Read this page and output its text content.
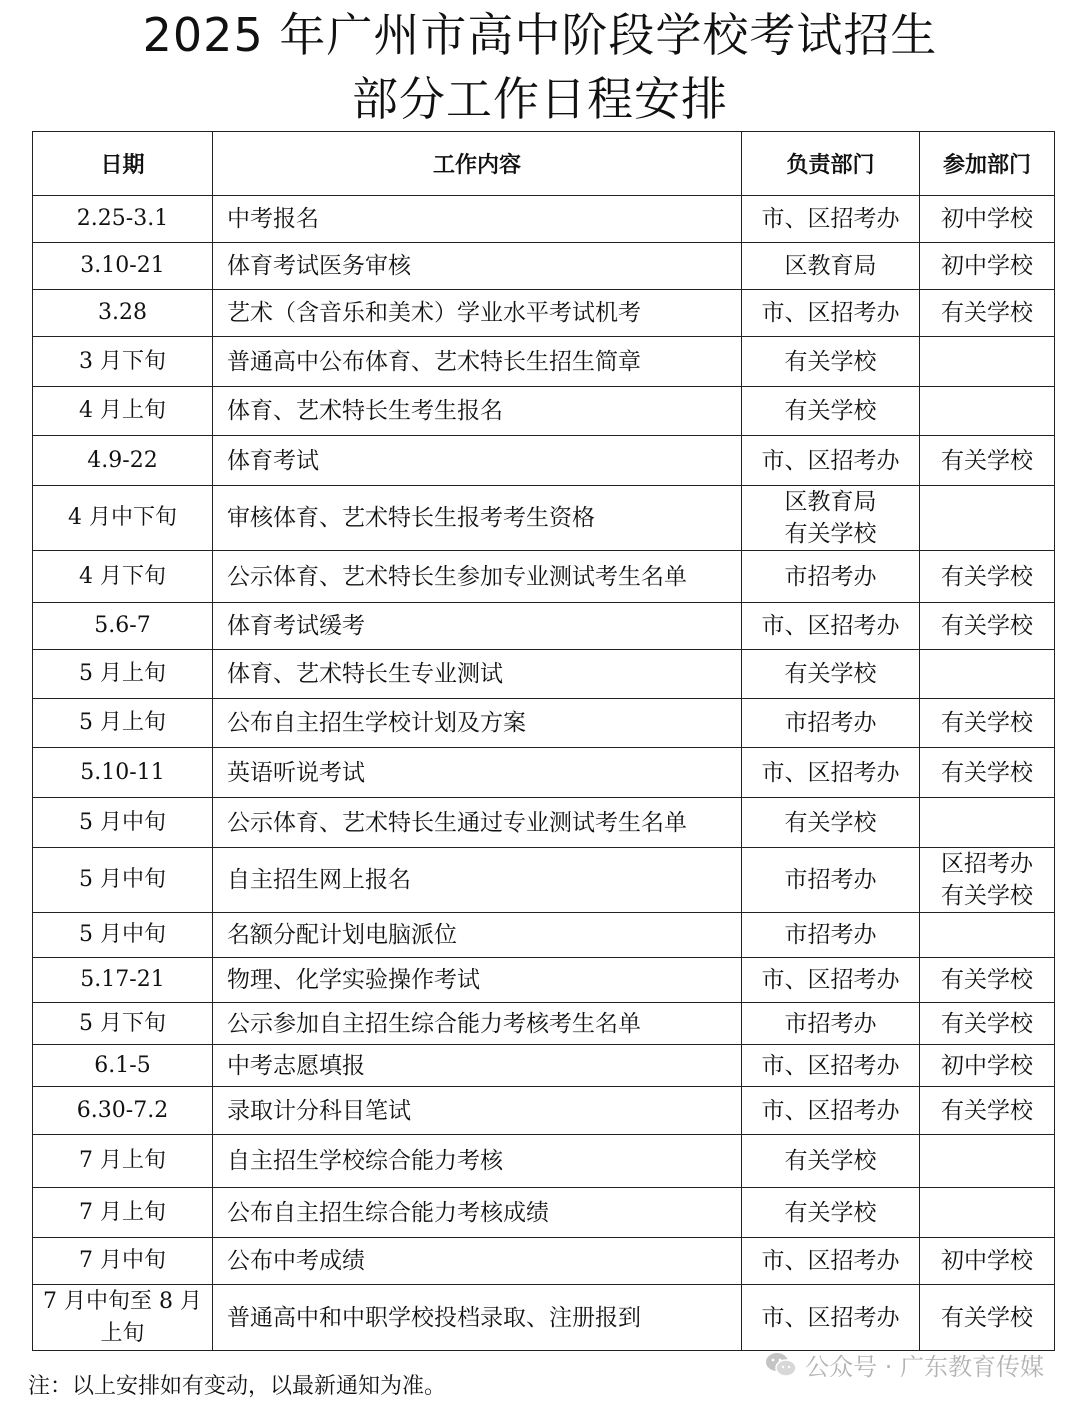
2025 年广州市高中阶段学校考试招生
部分工作日程安排
日期	工作内容	负责部门	参加部门
2.25-3.1	中考报名	市、区招考办	初中学校

3.10-21	体育考试医务审核	区教育局	初中学校

3.28	艺术（含音乐和美术）学业水平考试机考	市、区招考办	有关学校

3 月下旬	普通高中公布体育、艺术特长生招生简章	有关学校	

4 月上旬	体育、艺术特长生考生报名	有关学校	

4.9-22	体育考试	市、区招考办	有关学校

4 月中下旬	审核体育、艺术特长生报考考生资格	区教育局
有关学校	

4 月下旬	公示体育、艺术特长生参加专业测试考生名单	市招考办	有关学校

5.6-7	体育考试缓考	市、区招考办	有关学校

5 月上旬	体育、艺术特长生专业测试	有关学校	

5 月上旬	公布自主招生学校计划及方案	市招考办	有关学校

5.10-11	英语听说考试	市、区招考办	有关学校

5 月中旬	公示体育、艺术特长生通过专业测试考生名单	有关学校	

5 月中旬	自主招生网上报名	市招考办	区招考办
有关学校

5 月中旬	名额分配计划电脑派位	市招考办	

5.17-21	物理、化学实验操作考试	市、区招考办	有关学校

5 月下旬	公示参加自主招生综合能力考核考生名单	市招考办	有关学校

6.1-5	中考志愿填报	市、区招考办	初中学校

6.30-7.2	录取计分科目笔试	市、区招考办	有关学校

7 月上旬	自主招生学校综合能力考核	有关学校	

7 月上旬	公布自主招生综合能力考核成绩	有关学校	

7 月中旬	公布中考成绩	市、区招考办	初中学校

7 月中旬至 8 月上旬	普通高中和中职学校投档录取、注册报到	市、区招考办	有关学校
注：以上安排如有变动，以最新通知为准。
公众号 · 广东教育传媒
